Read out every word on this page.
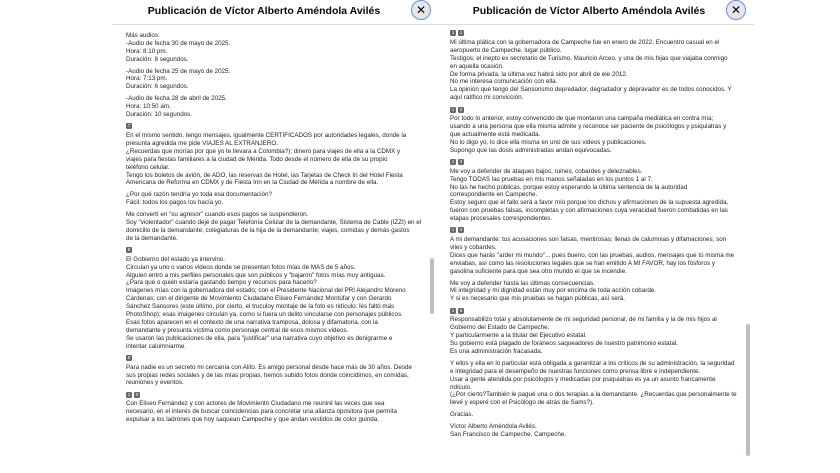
Publicación de Víctor Alberto Améndola Avilés	✕

Más audios:
-Audio de fecha 30 de mayo de 2025.
Hora: 8:10 pm.
Duración: 8 segundos.

-Audio de fecha 25 de mayo de 2025.
Hora: 7:13 pm.
Duración: 6 segundos.

-Audio de fecha 28 de abril de 2025.
Hora: 10:50 am.
Duración: 10 segundos.

7
En el mismo sentido, tengo mensajes, igualmente CERTIFICADOS por autoridades legales, donde la
presunta agredida me pide VIAJES AL EXTRANJERO.
¿Recuerdas que morías por que yo te llevara a Colombia?); dinero para viajes de ella a la CDMX y
viajes para fiestas familiares a la ciudad de Mérida. Todo desde el número de ella de su propio
teléfono celular.
Tengo los boletos de avión, de ADO, las reservas de Hotel, las Tarjetas de Check In del Hotel Fiesta
Americana de Reforma en CDMX y de Fiesta Inn en la Ciudad de Mérida a nombre de ella.

¿Por qué razón tendría yo toda esa documentación?
Fácil: todos los pagos los hacía yo.

Me convertí en "su agresor" cuando esos pagos se suspendieron.
Soy "violentador" cuando dejé de pagar Telefonía Celular de la demandante, Sistema de Cable (IZZI) en el
domicilio de la demandante, colegiaturas de la hija de la demandante; viajes, comidas y demás gastos
de la demandante.

8
El Gobierno del estado ya intervino.
Circulan ya uno o varios videos donde se presentan fotos mías de MÁS de 5 años.
Alguien entró a mis perfiles personales que son públicos y "bajaron" fotos mías muy antiguas.
¿Para qué o quién estaría gastando tiempo y recursos para hacerlo?
Imágenes mías con la gobernadora del estado; con el Presidente Nacional del PRI Alejandro Moreno
Cárdenas; con el dirigente de Movimiento Ciudadano Eliseo Fernández Montúfar y con Gerardo
Sánchez Sansores (este último, por cierto, el truculoy montaje de la foto es ridículo: les faltó más
PhotoShop); esas imágenes circulan ya, como si fuera un delito vincularse con personajes públicos.
Esas fotos aparecen en el contexto de una narrativa tramposa, dolosa y difamatoria, con la
demandante y presunta víctima como personaje central de esos mismos videos.
Se usaron las publicaciones de ella, para "justificar" una narrativa cuyo objetivo es denigrarme e
intentar calumniarme.

9
Para nadie es un secreto mi cercanía con Alito. Es amigo personal desde hace más de 30 años. Desde
sus propias redes sociales y de las mías propias, hemos subido fotos donde coincidimos, en comidas,
reuniones y eventos.

1 0
Con Eliseo Fernández y con actores de Movimiento Ciudadano me reuniré las veces que sea
necesario, en el interés de buscar coincidencias para concretar una alianza opositora que permita
expulsar a los ladrones que hoy saquean Campeche y que andan vestidos de color guinda.

Publicación de Víctor Alberto Améndola Avilés	✕

1 1
Mi última plática con la gobernadora de Campeche fue en enero de 2022. Encuentro casual en el
aeropuerto de Campeche, lugar público.
Testigos: el inepto ex secretario de Turismo, Mauricio Arceo, y una de mis hijas que viajaba conmigo
en aquella ocasión.
De forma privada, la última vez habrá sido por abril de ele 2012.
No me interesa comunicación con ella.
La opinión que tengo del Sansorismo depredador, degradador y depravador es de todos conocidos. Y
aquí ratifico mi convicción.

1 2
Por todo lo anterior, estoy convencido de que montaron una campaña mediática en contra mía;
usando a una persona que ella misma admite y reconoce ser paciente de psicólogos y psiquiatras y
que actualmente está medicada.
No lo digo yo, lo dice ella misma en uno de sus videos y publicaciones.
Supongo que las dosis administradas andan equivocadas.

1 3
Me voy a defender de ataques bajos, ruines, cobardes y deleznables.
Tengo TODAS las pruebas en mis manos señaladas en los puntos 1 al 7.
No las he hecho públicas, porque estoy esperando la última sentencia de la autoridad
correspondiente en Campeche.
Estoy seguro que el fallo será a favor mío porque los dichos y afirmaciones de la supuesta agredida,
fueron con pruebas falsas, incompletas y con afirmaciones cuya veracidad fueron combatidas en las
etapas procesales correspondientes.

1 4
A mi demandante: tus acusaciones son falsas, mentirosas; llenas de calumnias y difamaciones; son
viles y cobardes.
Dices que harás "arder mi mundo"... pues bueno, con las pruebas, audios, mensajes que tú misma me
enviabas, así como las resoluciones legales que se han emitido A MI FAVOR, hay los fósforos y
gasolina suficiente para que sea otro mundo el que se incendie.

Me voy a defender hasta las últimas consecuencias.
Mi integridad y mi dignidad están muy por encima de toda acción cobarde.
Y si es necesario que mis pruebas se hagan públicas, así será.

1 5
Responsabilizo total y absolutamente de mi seguridad personal, de mi familia y la de mis hijos al
Gobierno del Estado de Campeche.
Y particularmente a la titular del Ejecutivo estatal.
Su gobierno está plagado de foráneos saqueadores de nuestro patrimonio estatal.
Es una administración fracasada.

Y ellos y ella en lo particular está obligada a garantizar a los críticos de su administración, la seguridad
e integridad para el desempeño de nuestras funciones como prensa libre e independiente.
Usar a gente atendida por psicólogos y medicadas por psiquiatras es ya un asunto francamente
ridículo.
(¿Por cierto?También le pagué una o dos terapias a la demandante. ¿Recuerdas que personalmente te
llevé y esperé con el Psicólogo de atrás de Sams?).

Gracias.

Víctor Alberto Améndola Avilés.
San Francisco de Campeche, Campeche.
